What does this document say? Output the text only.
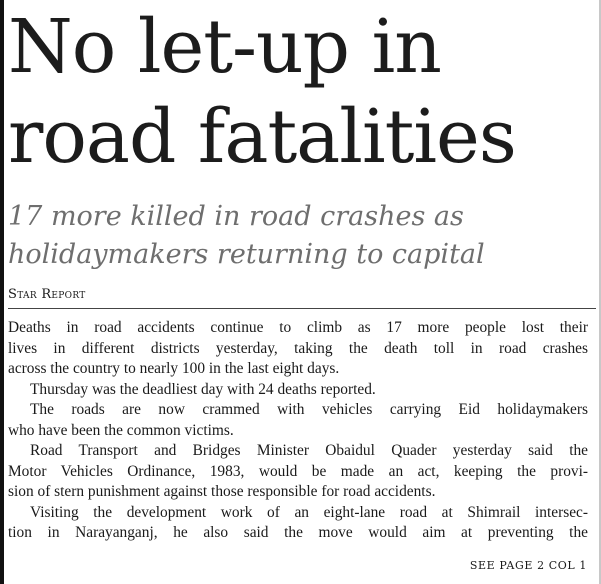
No let-up in
road fatalities
17 more killed in road crashes as
holidaymakers returning to capital
Star Report
Deaths in road accidents continue to climb as 17 more people lost their
lives in different districts yesterday, taking the death toll in road crashes
across the country to nearly 100 in the last eight days.
Thursday was the deadliest day with 24 deaths reported.
The roads are now crammed with vehicles carrying Eid holidaymakers
who have been the common victims.
Road Transport and Bridges Minister Obaidul Quader yesterday said the
Motor Vehicles Ordinance, 1983, would be made an act, keeping the provi-
sion of stern punishment against those responsible for road accidents.
Visiting the development work of an eight-lane road at Shimrail intersec-
tion in Narayanganj, he also said the move would aim at preventing the
SEE PAGE 2 COL 1
